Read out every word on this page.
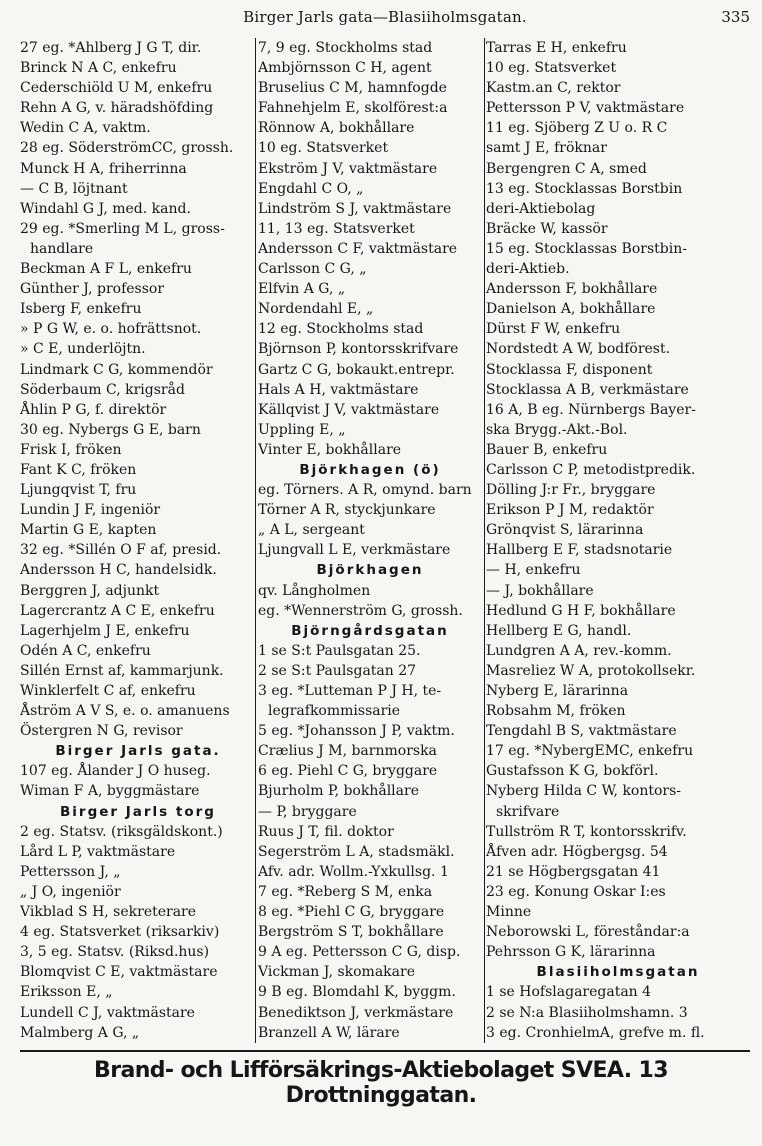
Birger Jarls gata—Blasiiholmsgatan.	335
27 eg. *Ahlberg J G T, dir.
Brinck N A C, enkefru
Cederschiöld U M, enkefru
Rehn A G, v. häradshöfding
Wedin C A, vaktm.
28 eg. SöderströmCC, grossh.
Munck H A, friherrinna
— C B, löjtnant
Windahl G J, med. kand.
29 eg. *Smerling M L, gross-
handlare
Beckman A F L, enkefru
Günther J, professor
Isberg F, enkefru
» P G W, e. o. hofrättsnot.
» C E, underlöjtn.
Lindmark C G, kommendör
Söderbaum C, krigsråd
Åhlin P G, f. direktör
30 eg. Nybergs G E, barn
Frisk I, fröken
Fant K C, fröken
Ljungqvist T, fru
Lundin J F, ingeniör
Martin G E, kapten
32 eg. *Sillén O F af, presid.
Andersson H C, handelsidk.
Berggren J, adjunkt
Lagercrantz A C E, enkefru
Lagerhjelm J E, enkefru
Odén A C, enkefru
Sillén Ernst af, kammarjunk.
Winklerfelt C af, enkefru
Åström A V S, e. o. amanuens
Östergren N G, revisor
Birger Jarls gata.
107 eg. Ålander J O huseg.
Wiman F A, byggmästare
Birger Jarls torg
2 eg. Statsv. (riksgäldskont.)
Lård L P, vaktmästare
Pettersson J, „
„ J O, ingeniör
Vikblad S H, sekreterare
4 eg. Statsverket (riksarkiv)
3, 5 eg. Statsv. (Riksd.hus)
Blomqvist C E, vaktmästare
Eriksson E, „
Lundell C J, vaktmästare
Malmberg A G, „
7, 9 eg. Stockholms stad
Ambjörnsson C H, agent
Bruselius C M, hamnfogde
Fahnehjelm E, skolförest:a
Rönnow A, bokhållare
10 eg. Statsverket
Ekström J V, vaktmästare
Engdahl C O, „
Lindström S J, vaktmästare
11, 13 eg. Statsverket
Andersson C F, vaktmästare
Carlsson C G, „
Elfvin A G, „
Nordendahl E, „
12 eg. Stockholms stad
Björnson P, kontorsskrifvare
Gartz C G, bokaukt.entrepr.
Hals A H, vaktmästare
Källqvist J V, vaktmästare
Uppling E, „
Vinter E, bokhållare
Björkhagen (ö)
eg. Törners. A R, omynd. barn
Törner A R, styckjunkare
„ A L, sergeant
Ljungvall L E, verkmästare
Björkhagen
qv. Långholmen
eg. *Wennerström G, grossh.
Björngårdsgatan
1 se S:t Paulsgatan 25.
2 se S:t Paulsgatan 27
3 eg. *Lutteman P J H, te-
legrafkommissarie
5 eg. *Johansson J P, vaktm.
Crælius J M, barnmorska
6 eg. Piehl C G, bryggare
Bjurholm P, bokhållare
— P, bryggare
Ruus J T, fil. doktor
Segerström L A, stadsmäkl.
Afv. adr. Wollm.-Yxkullsg. 1
7 eg. *Reberg S M, enka
8 eg. *Piehl C G, bryggare
Bergström S T, bokhållare
9 A eg. Pettersson C G, disp.
Vickman J, skomakare
9 B eg. Blomdahl K, byggm.
Benediktson J, verkmästare
Branzell A W, lärare
Tarras E H, enkefru
10 eg. Statsverket
Kastm.an C, rektor
Pettersson P V, vaktmästare
11 eg. Sjöberg Z U o. R C
samt J E, fröknar
Bergengren C A, smed
13 eg. Stocklassas Borstbin
deri-Aktiebolag
Bräcke W, kassör
15 eg. Stocklassas Borstbin-
deri-Aktieb.
Andersson F, bokhållare
Danielson A, bokhållare
Dürst F W, enkefru
Nordstedt A W, bodförest.
Stocklassa F, disponent
Stocklassa A B, verkmästare
16 A, B eg. Nürnbergs Bayer-
ska Brygg.-Akt.-Bol.
Bauer B, enkefru
Carlsson C P, metodistpredik.
Dölling J:r Fr., bryggare
Erikson P J M, redaktör
Grönqvist S, lärarinna
Hallberg E F, stadsnotarie
— H, enkefru
— J, bokhållare
Hedlund G H F, bokhållare
Hellberg E G, handl.
Lundgren A A, rev.-komm.
Masreliez W A, protokollsekr.
Nyberg E, lärarinna
Robsahm M, fröken
Tengdahl B S, vaktmästare
17 eg. *NybergEMC, enkefru
Gustafsson K G, bokförl.
Nyberg Hilda C W, kontors-
skrifvare
Tullström R T, kontorsskrifv.
Åfven adr. Högbergsg. 54
21 se Högbergsgatan 41
23 eg. Konung Oskar I:es
Minne
Neborowski L, föreståndar:a
Pehrsson G K, lärarinna
Blasiiholmsgatan
1 se Hofslagaregatan 4
2 se N:a Blasiiholmshamn. 3
3 eg. CronhielmA, grefve m. fl.
Brand- och Lifförsäkrings-Aktiebolaget SVEA. 13 Drottninggatan.
